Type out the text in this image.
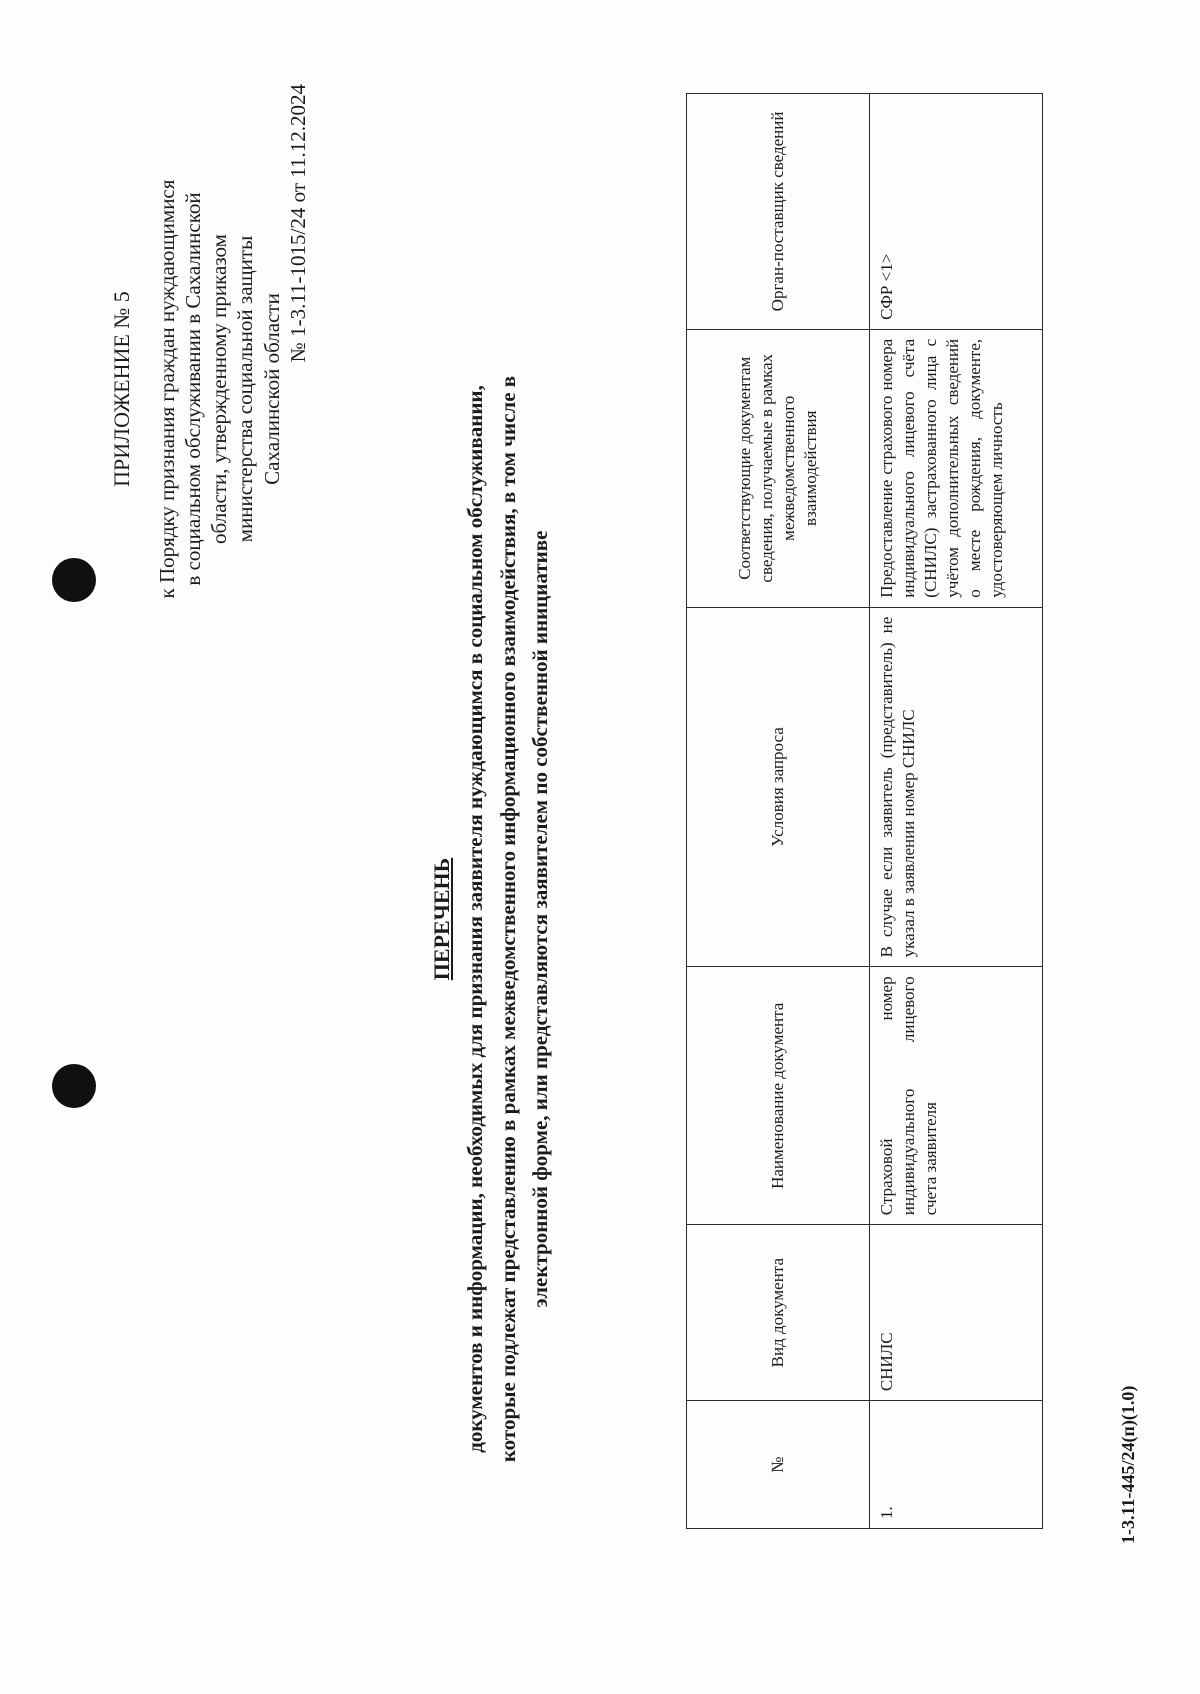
ПРИЛОЖЕНИЕ № 5 к Порядку признания граждан нуждающимися в социальном обслуживании в Сахалинской области, утвержденному приказом министерства социальной защиты Сахалинской области
№ 1-3.11-1015/24 от 11.12.2024
ПЕРЕЧЕНЬ документов и информации, необходимых для признания заявителя нуждающимся в социальном обслуживании, которые подлежат представлению в рамках межведомственного информационного взаимодействия, в том числе в электронной форме, или представляются заявителем по собственной инициативе
№	Вид документа	Наименование документа	Условия запроса	Соответствующие документам сведения, получаемые в рамках межведомственного взаимодействия	Орган-поставщик сведений
1.	СНИЛС	Страховой номер индивидуального лицевого счета заявителя	В случае если заявитель (представитель) не указал в заявлении номер СНИЛС	Предоставление страхового номера индивидуального лицевого счёта (СНИЛС) застрахованного лица с учётом дополнительных сведений о месте рождения, документе, удостоверяющем личность	СФР <1>
1-3.11-445/24(п)(1.0)
